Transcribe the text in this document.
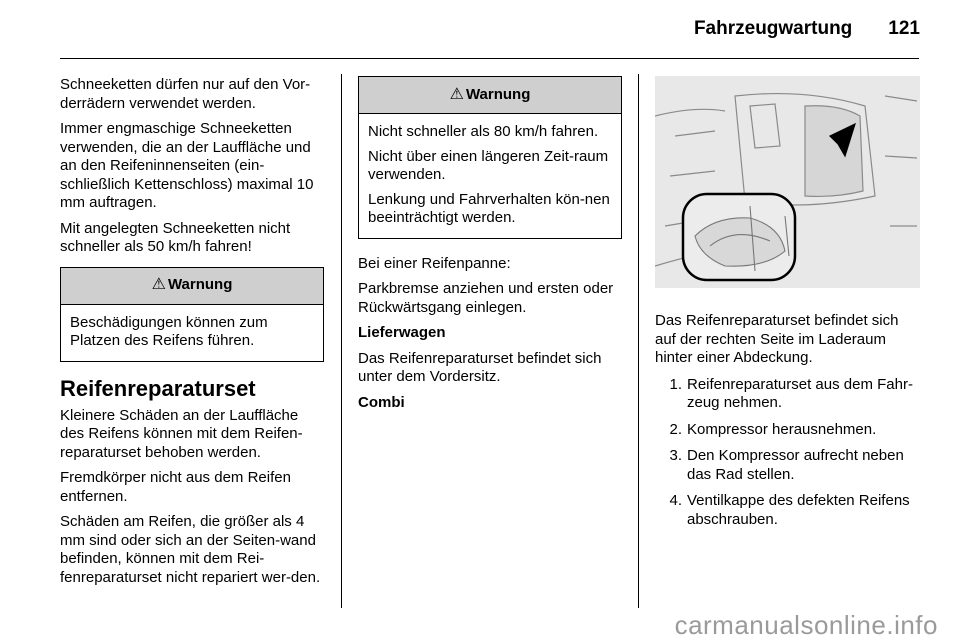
Fahrzeugwartung 121

Schneeketten dürfen nur auf den Vor-derrädern verwendet werden.

Immer engmaschige Schneeketten verwenden, die an der Lauffläche und an den Reifeninnenseiten (ein-schließlich Kettenschloss) maximal 10 mm auftragen.

Mit angelegten Schneeketten nicht schneller als 50 km/h fahren!

⚠ Warnung

Beschädigungen können zum Platzen des Reifens führen.

Reifenreparaturset

Kleinere Schäden an der Lauffläche des Reifens können mit dem Reifen-reparaturset behoben werden.

Fremdkörper nicht aus dem Reifen entfernen.

Schäden am Reifen, die größer als 4 mm sind oder sich an der Seiten-wand befinden, können mit dem Rei-fenreparaturset nicht repariert wer-den.

⚠ Warnung

Nicht schneller als 80 km/h fahren.

Nicht über einen längeren Zeit-raum verwenden.

Lenkung und Fahrverhalten kön-nen beeinträchtigt werden.

Bei einer Reifenpanne:

Parkbremse anziehen und ersten oder Rückwärtsgang einlegen.

Lieferwagen

Das Reifenreparaturset befindet sich unter dem Vordersitz.

Combi

Das Reifenreparaturset befindet sich auf der rechten Seite im Laderaum hinter einer Abdeckung.

1. Reifenreparaturset aus dem Fahr-zeug nehmen.
2. Kompressor herausnehmen.
3. Den Kompressor aufrecht neben das Rad stellen.
4. Ventilkappe des defekten Reifens abschrauben.
carmanualsonline.info
